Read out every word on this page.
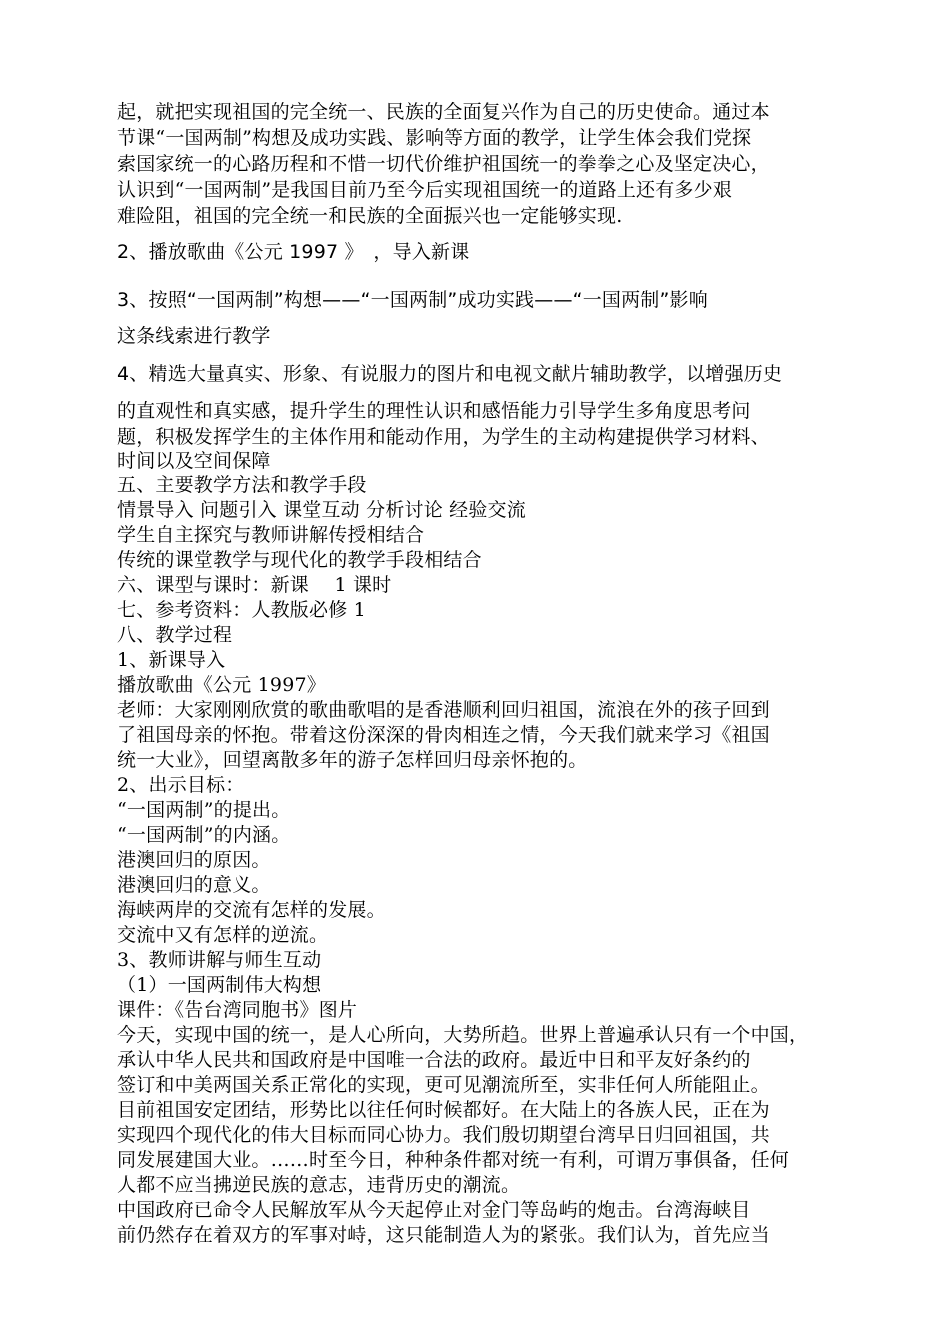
起，就把实现祖国的完全统一、民族的全面复兴作为自己的历史使命。通过本
节课“一国两制”构想及成功实践、影响等方面的教学，让学生体会我们党探
索国家统一的心路历程和不惜一切代价维护祖国统一的拳拳之心及坚定决心，
认识到“一国两制”是我国目前乃至今后实现祖国统一的道路上还有多少艰
难险阻，祖国的完全统一和民族的全面振兴也一定能够实现.
2、播放歌曲《公元 1997 》　，导入新课
3、按照“一国两制”构想——“一国两制”成功实践——“一国两制”影响
这条线索进行教学
4、精选大量真实、形象、有说服力的图片和电视文献片辅助教学，以增强历史
的直观性和真实感，提升学生的理性认识和感悟能力引导学生多角度思考问
题，积极发挥学生的主体作用和能动作用，为学生的主动构建提供学习材料、
时间以及空间保障
五、主要教学方法和教学手段
情景导入 问题引入 课堂互动 分析讨论 经验交流
学生自主探究与教师讲解传授相结合
传统的课堂教学与现代化的教学手段相结合
六、课型与课时：新课　 1 课时
七、参考资料：人教版必修 1
八、教学过程
1、新课导入
播放歌曲《公元 1997》
老师：大家刚刚欣赏的歌曲歌唱的是香港顺利回归祖国，流浪在外的孩子回到
了祖国母亲的怀抱。带着这份深深的骨肉相连之情，今天我们就来学习《祖国
统一大业》，回望离散多年的游子怎样回归母亲怀抱的。
2、出示目标：
“一国两制”的提出。
“一国两制”的内涵。
港澳回归的原因。
港澳回归的意义。
海峡两岸的交流有怎样的发展。
交流中又有怎样的逆流。
3、教师讲解与师生互动
（1）一国两制伟大构想
课件：《告台湾同胞书》图片
今天，实现中国的统一，是人心所向，大势所趋。世界上普遍承认只有一个中国，
承认中华人民共和国政府是中国唯一合法的政府。最近中日和平友好条约的
签订和中美两国关系正常化的实现，更可见潮流所至，实非任何人所能阻止。
目前祖国安定团结，形势比以往任何时候都好。在大陆上的各族人民，正在为
实现四个现代化的伟大目标而同心协力。我们殷切期望台湾早日归回祖国，共
同发展建国大业。……时至今日，种种条件都对统一有利，可谓万事俱备，任何
人都不应当拂逆民族的意志，违背历史的潮流。
中国政府已命令人民解放军从今天起停止对金门等岛屿的炮击。台湾海峡目
前仍然存在着双方的军事对峙，这只能制造人为的紧张。我们认为，首先应当
